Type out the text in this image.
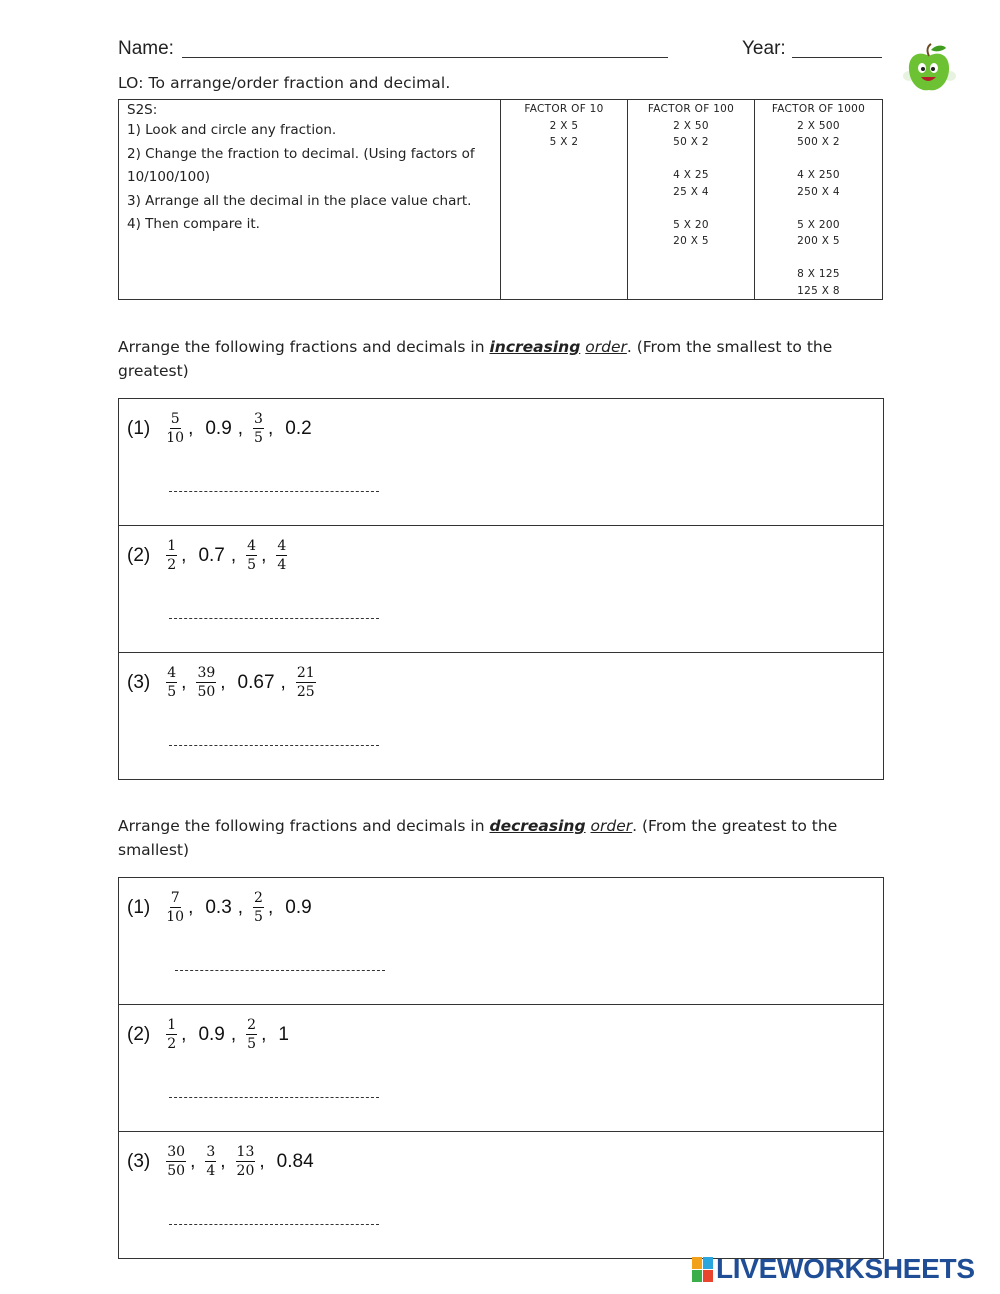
Name:	Year:
LO: To arrange/order fraction and decimal.
S2S:
1) Look and circle any fraction.
2) Change the fraction to decimal. (Using factors of
10/100/100)
3) Arrange all the decimal in the place value chart.
4) Then compare it.

FACTOR OF 10
2 X 5
5 X 2

FACTOR OF 100
2 X 50
50 X 2
4 X 25
25 X 4
5 X 20
20 X 5

FACTOR OF 1000
2 X 500
500 X 2
4 X 250
250 X 4
5 X 200
200 X 5
8 X 125
125 X 8
Arrange the following fractions and decimals in increasing order. (From the smallest to the
greatest)
$(1) \frac{5}{10}$ , 0.9 , $\frac{3}{5}$ , 0.2
$(2) \frac{1}{2}$ , 0.7 , $\frac{4}{5}$ , $\frac{4}{4}$
$(3) \frac{4}{5}$ , $\frac{39}{50}$ , 0.67 , $\frac{21}{25}$
Arrange the following fractions and decimals in decreasing order. (From the greatest to the
smallest)
$(1) \frac{7}{10}$ , 0.3 , $\frac{2}{5}$ , 0.9
$(2) \frac{1}{2}$ , 0.9 , $\frac{2}{5}$ , 1
$(3) \frac{30}{50}$ , $\frac{3}{4}$ , $\frac{13}{20}$ , 0.84
LIVEWORKSHEETS
